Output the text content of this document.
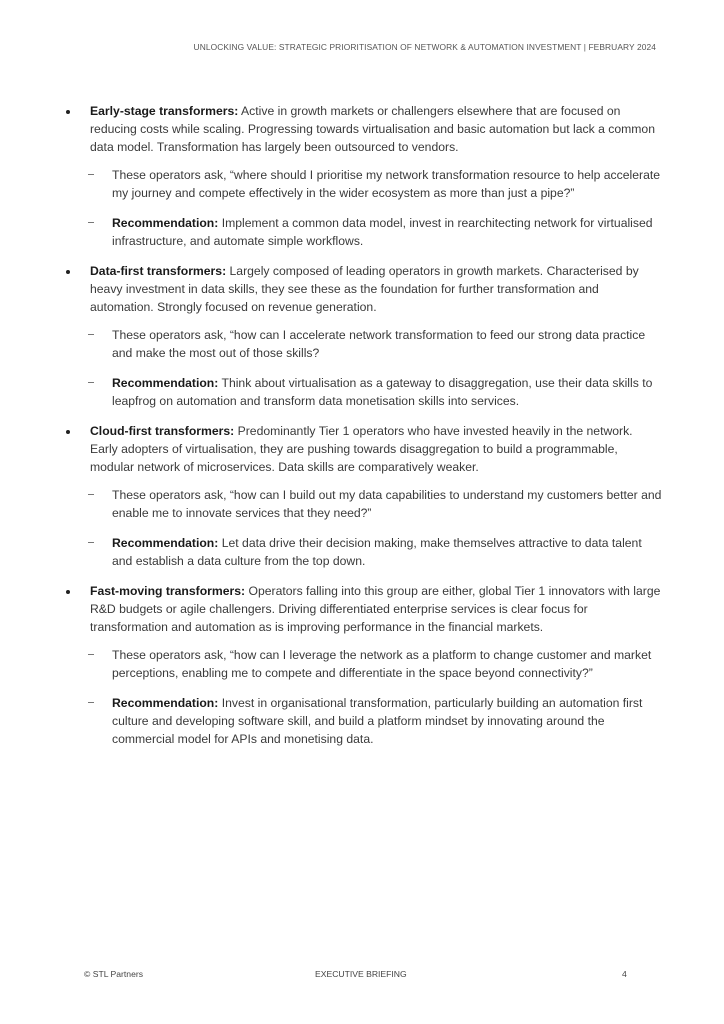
UNLOCKING VALUE: STRATEGIC PRIORITISATION OF NETWORK & AUTOMATION INVESTMENT | FEBRUARY 2024
Early-stage transformers: Active in growth markets or challengers elsewhere that are focused on reducing costs while scaling. Progressing towards virtualisation and basic automation but lack a common data model. Transformation has largely been outsourced to vendors.
These operators ask, “where should I prioritise my network transformation resource to help accelerate my journey and compete effectively in the wider ecosystem as more than just a pipe?”
Recommendation: Implement a common data model, invest in rearchitecting network for virtualised infrastructure, and automate simple workflows.
Data-first transformers: Largely composed of leading operators in growth markets. Characterised by heavy investment in data skills, they see these as the foundation for further transformation and automation. Strongly focused on revenue generation.
These operators ask, “how can I accelerate network transformation to feed our strong data practice and make the most out of those skills?
Recommendation: Think about virtualisation as a gateway to disaggregation, use their data skills to leapfrog on automation and transform data monetisation skills into services.
Cloud-first transformers: Predominantly Tier 1 operators who have invested heavily in the network. Early adopters of virtualisation, they are pushing towards disaggregation to build a programmable, modular network of microservices. Data skills are comparatively weaker.
These operators ask, “how can I build out my data capabilities to understand my customers better and enable me to innovate services that they need?”
Recommendation: Let data drive their decision making, make themselves attractive to data talent and establish a data culture from the top down.
Fast-moving transformers: Operators falling into this group are either, global Tier 1 innovators with large R&D budgets or agile challengers. Driving differentiated enterprise services is clear focus for transformation and automation as is improving performance in the financial markets.
These operators ask, “how can I leverage the network as a platform to change customer and market perceptions, enabling me to compete and differentiate in the space beyond connectivity?”
Recommendation: Invest in organisational transformation, particularly building an automation first culture and developing software skill, and build a platform mindset by innovating around the commercial model for APIs and monetising data.
© STL Partners	EXECUTIVE BRIEFING	4
